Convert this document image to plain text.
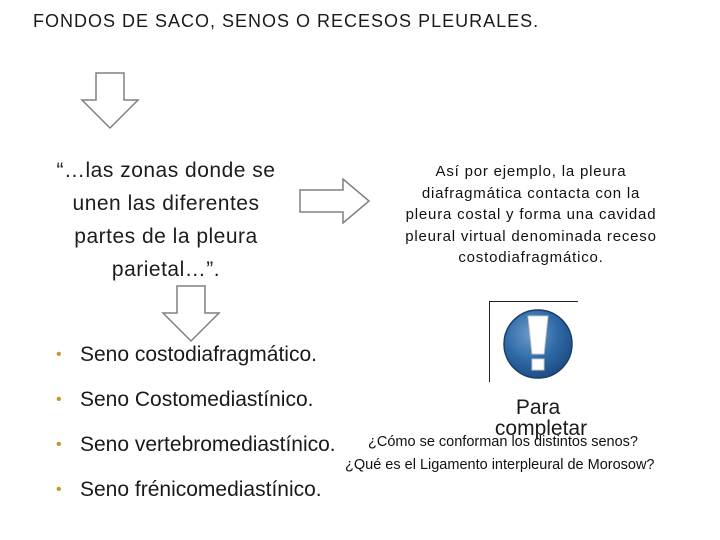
FONDOS DE SACO, SENOS O RECESOS PLEURALES.
“…las zonas donde se unen las diferentes partes de la pleura parietal…”.
Así por ejemplo, la pleura diafragmática contacta con la pleura costal y forma una cavidad pleural virtual denominada receso costodiafragmático.
• Seno costodiafragmático.
• Seno Costomediastínico.
• Seno vertebromediastínico.
• Seno frénicomediastínico.
Para
completar
¿Cómo se conforman los distintos senos?
¿Qué es el Ligamento interpleural de Morosow?
